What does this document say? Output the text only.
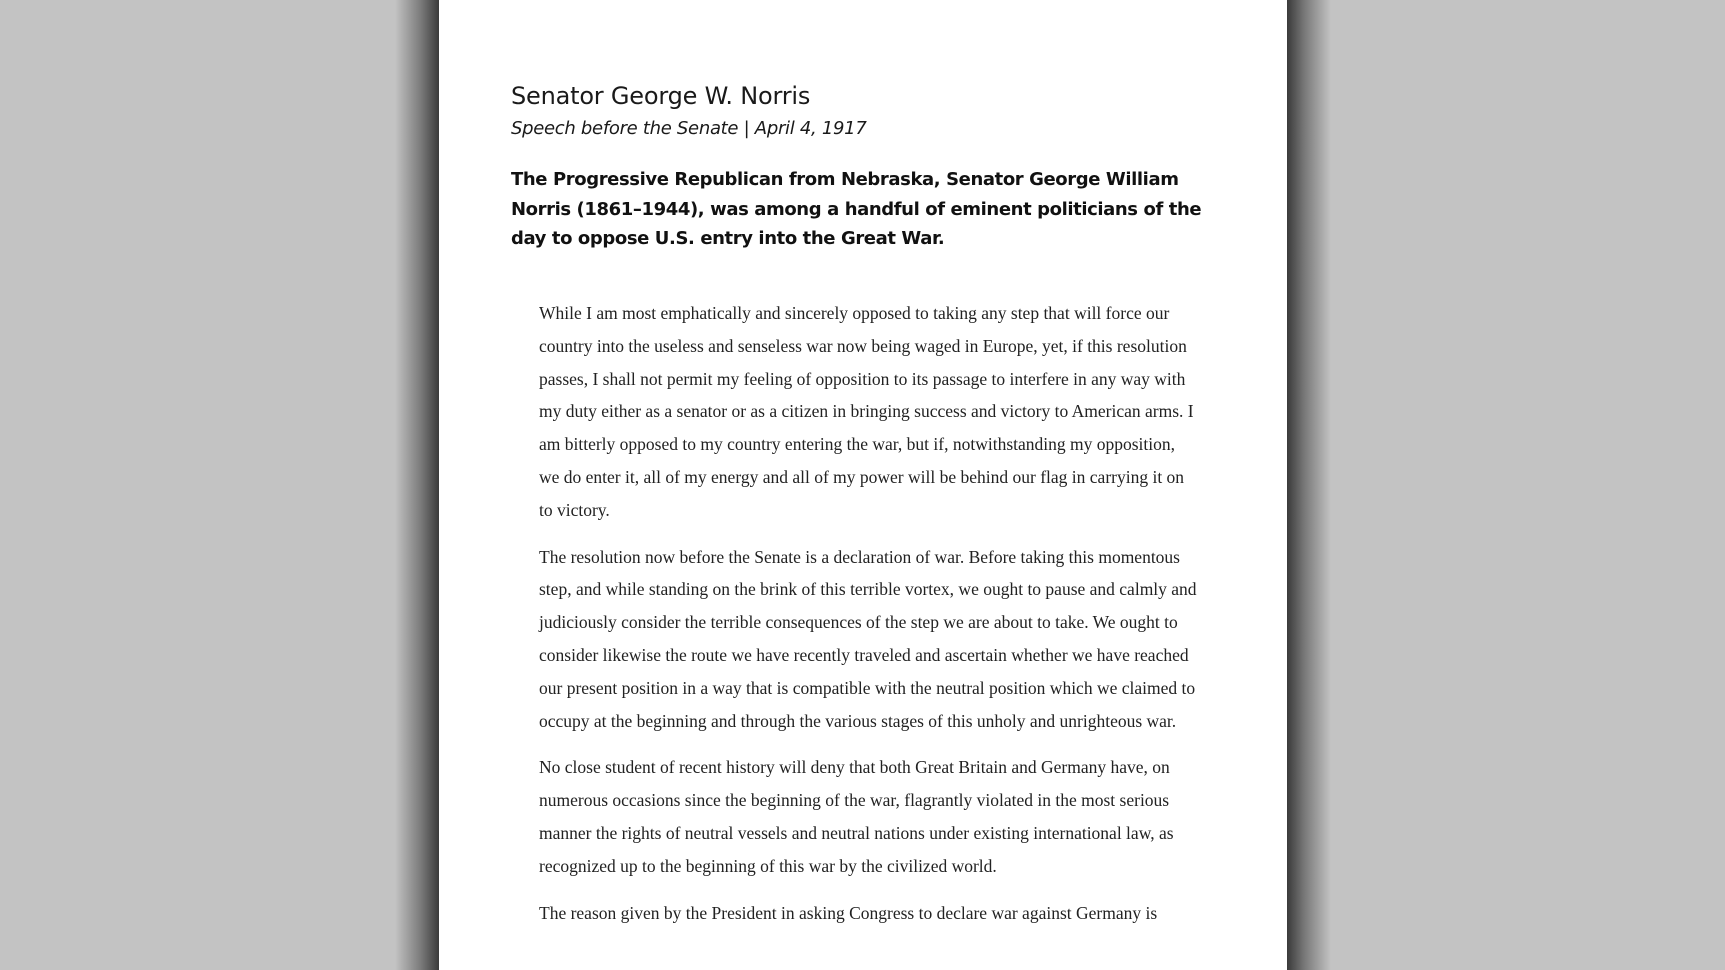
Senator George W. Norris
Speech before the Senate | April 4, 1917

The Progressive Republican from Nebraska, Senator George William Norris (1861–1944), was among a handful of eminent politicians of the day to oppose U.S. entry into the Great War.

While I am most emphatically and sincerely opposed to taking any step that will force our country into the useless and senseless war now being waged in Europe, yet, if this resolution passes, I shall not permit my feeling of opposition to its passage to interfere in any way with my duty either as a senator or as a citizen in bringing success and victory to American arms. I am bitterly opposed to my country entering the war, but if, notwithstanding my opposition, we do enter it, all of my energy and all of my power will be behind our flag in carrying it on to victory.

The resolution now before the Senate is a declaration of war. Before taking this momentous step, and while standing on the brink of this terrible vortex, we ought to pause and calmly and judiciously consider the terrible consequences of the step we are about to take. We ought to consider likewise the route we have recently traveled and ascertain whether we have reached our present position in a way that is compatible with the neutral position which we claimed to occupy at the beginning and through the various stages of this unholy and unrighteous war.

No close student of recent history will deny that both Great Britain and Germany have, on numerous occasions since the beginning of the war, flagrantly violated in the most serious manner the rights of neutral vessels and neutral nations under existing international law, as recognized up to the beginning of this war by the civilized world.

The reason given by the President in asking Congress to declare war against Germany is
